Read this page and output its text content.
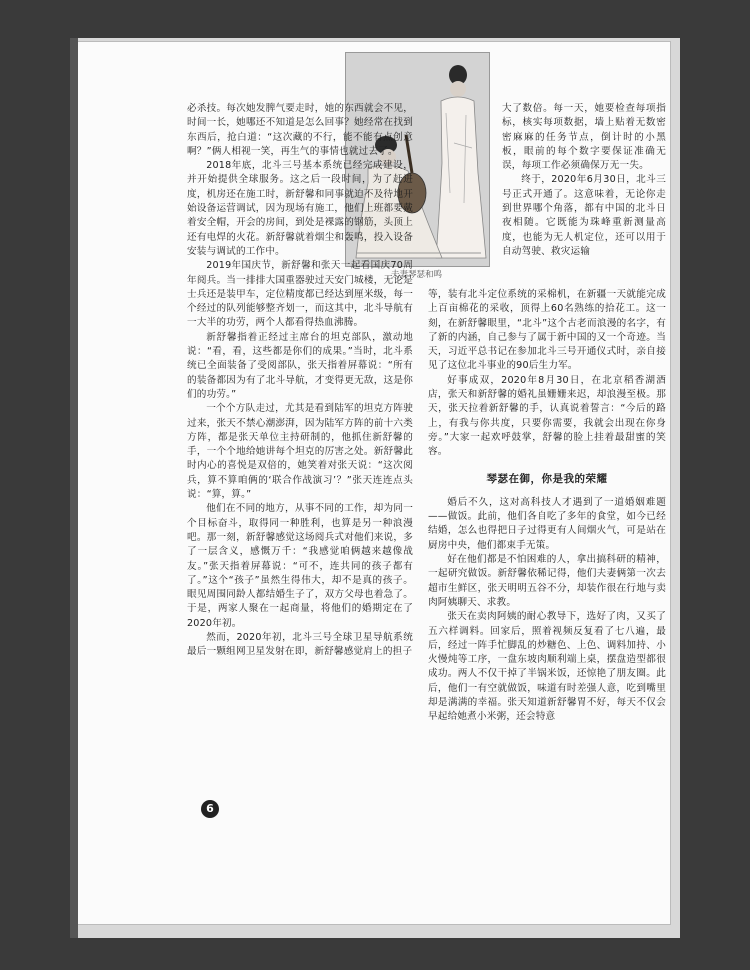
夫妻琴瑟和鸣

必杀技。每次她发脾气要走时，她的东西就会不见，时间一长，她哪还不知道是怎么回事？她经常在找到东西后，抢白道：“这次藏的不行，能不能有点创意啊？”俩人相视一笑，再生气的事情也就过去了。

2018年底，北斗三号基本系统已经完成建设，并开始提供全球服务。这之后一段时间，为了赶进度，机房还在施工时，新舒馨和同事就迫不及待地开始设备运营调试，因为现场有施工，他们上班都要戴着安全帽，开会的房间，到处是裸露的钢筋，头顶上还有电焊的火花。新舒馨就着烟尘和轰鸣，投入设备安装与调试的工作中。

2019年国庆节，新舒馨和张天一起看国庆70周年阅兵。当一排排大国重器驶过天安门城楼，无论是士兵还是装甲车，定位精度都已经达到厘米级，每一个经过的队列能够整齐划一，而这其中，北斗导航有一大半的功劳，两个人都看得热血沸腾。

新舒馨指着正经过主席台的坦克部队，激动地说：“看，看，这些都是你们的成果。”当时，北斗系统已全面装备了受阅部队，张天指着屏幕说：“所有的装备都因为有了北斗导航，才变得更无敌，这是你们的功劳。”

一个个方队走过，尤其是看到陆军的坦克方阵驶过来，张天不禁心潮澎湃，因为陆军方阵的前十六类方阵，都是张天单位主持研制的，他抓住新舒馨的手，一个个地给她讲每个坦克的厉害之处。新舒馨此时内心的喜悦是双倍的，她笑着对张天说：“这次阅兵，算不算咱俩的‘联合作战演习’？”张天连连点头说：“算，算。”

他们在不同的地方，从事不同的工作，却为同一个目标奋斗，取得同一种胜利，也算是另一种浪漫吧。那一刻，新舒馨感觉这场阅兵式对他们来说，多了一层含义，感慨万千：“我感觉咱俩越来越像战友。”张天指着屏幕说：“可不，连共同的孩子都有了。”这个“孩子”虽然生得伟大，却不是真的孩子。眼见周围同龄人都结婚生子了，双方父母也着急了。于是，两家人聚在一起商量，将他们的婚期定在了2020年初。

然而，2020年初，北斗三号全球卫星导航系统最后一颗组网卫星发射在即，新舒馨感觉肩上的担子

大了数倍。每一天，她要检查每项指标，核实每项数据，墙上贴着无数密密麻麻的任务节点，倒计时的小黑板，眼前的每个数字要保证准确无误，每项工作必须确保万无一失。

终于，2020年6月30日，北斗三号正式开通了。这意味着，无论你走到世界哪个角落，都有中国的北斗日夜相随。它既能为珠峰重新测量高度，也能为无人机定位，还可以用于自动驾驶、救灾运输

等，装有北斗定位系统的采棉机，在新疆一天就能完成上百亩棉花的采收，顶得上60名熟练的拾花工。这一刻，在新舒馨眼里，“北斗”这个古老而浪漫的名字，有了新的内涵，自己参与了属于新中国的又一个奇迹。当天，习近平总书记在参加北斗三号开通仪式时，亲自接见了这位北斗事业的90后生力军。

好事成双，2020年8月30日，在北京稻香湖酒店，张天和新舒馨的婚礼虽姗姗来迟，却浪漫至极。那天，张天拉着新舒馨的手，认真说着誓言：“今后的路上，有我与你共度，只要你需要，我就会出现在你身旁。”大家一起欢呼鼓掌，舒馨的脸上挂着最甜蜜的笑容。

琴瑟在御，你是我的荣耀

婚后不久，这对高科技人才遇到了一道婚姻难题——做饭。此前，他们各自吃了多年的食堂，如今已经结婚，怎么也得把日子过得更有人间烟火气，可是站在厨房中央，他们都束手无策。

好在他们都是不怕困难的人，拿出搞科研的精神，一起研究做饭。新舒馨依稀记得，他们夫妻俩第一次去超市生鲜区，张天明明五谷不分，却装作很在行地与卖肉阿姨聊天、求教。

张天在卖肉阿姨的耐心教导下，选好了肉，又买了五六样调料。回家后，照着视频反复看了七八遍，最后，经过一阵手忙脚乱的炒糖色、上色、调料加持、小火慢炖等工序，一盘东坡肉顺利端上桌，摆盘造型都很成功。两人不仅干掉了半锅米饭，还惊艳了朋友圈。此后，他们一有空就做饭，味道有时差强人意，吃到嘴里却是满满的幸福。张天知道新舒馨胃不好，每天不仅会早起给她煮小米粥，还会特意

6
